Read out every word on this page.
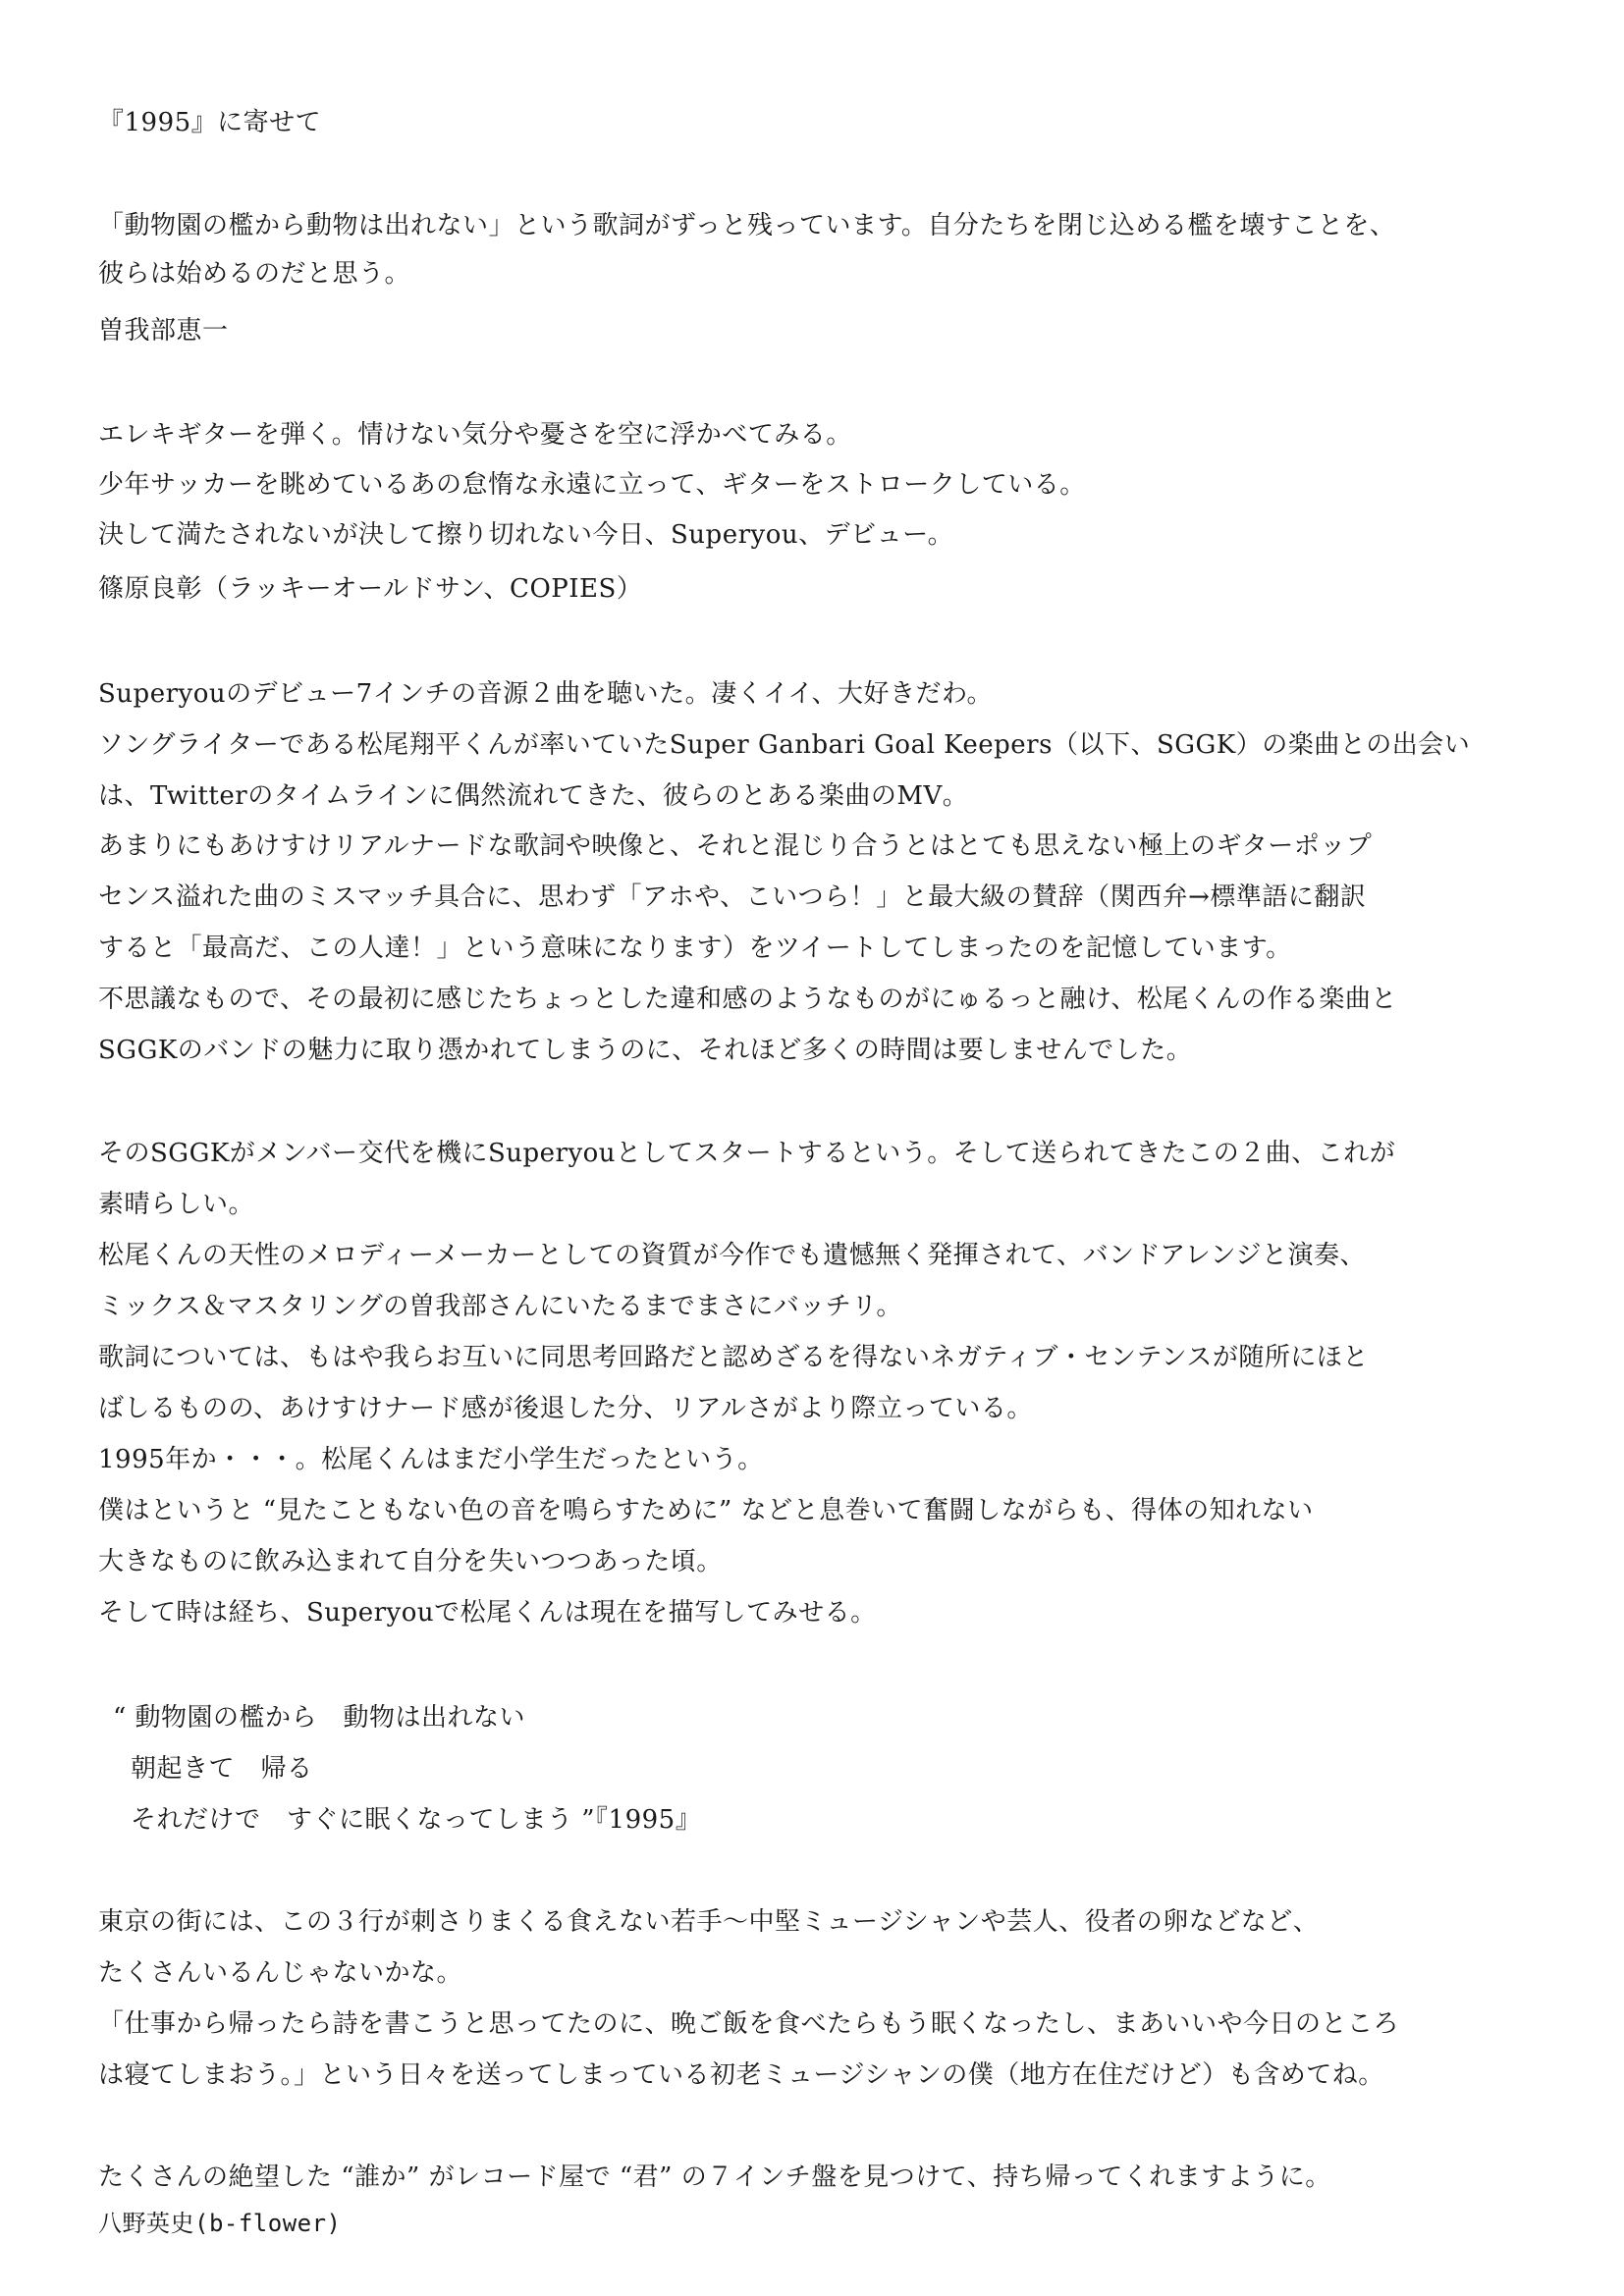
『1995』に寄せて
「動物園の檻から動物は出れない」という歌詞がずっと残っています。自分たちを閉じ込める檻を壊すことを、
彼らは始めるのだと思う。
曽我部恵一
エレキギターを弾く。情けない気分や憂さを空に浮かべてみる。
少年サッカーを眺めているあの怠惰な永遠に立って、ギターをストロークしている。
決して満たされないが決して擦り切れない今日、Superyou、デビュー。
篠原良彰（ラッキーオールドサン、COPIES）
Superyouのデビュー7インチの音源２曲を聴いた。凄くイイ、大好きだわ。
ソングライターである松尾翔平くんが率いていたSuper Ganbari Goal Keepers（以下、SGGK）の楽曲との出会い
は、Twitterのタイムラインに偶然流れてきた、彼らのとある楽曲のMV。
あまりにもあけすけリアルナードな歌詞や映像と、それと混じり合うとはとても思えない極上のギターポップ
センス溢れた曲のミスマッチ具合に、思わず「アホや、こいつら！」と最大級の賛辞（関西弁→標準語に翻訳
すると「最高だ、この人達！」という意味になります）をツイートしてしまったのを記憶しています。
不思議なもので、その最初に感じたちょっとした違和感のようなものがにゅるっと融け、松尾くんの作る楽曲と
SGGKのバンドの魅力に取り憑かれてしまうのに、それほど多くの時間は要しませんでした。
そのSGGKがメンバー交代を機にSuperyouとしてスタートするという。そして送られてきたこの２曲、これが
素晴らしい。
松尾くんの天性のメロディーメーカーとしての資質が今作でも遺憾無く発揮されて、バンドアレンジと演奏、
ミックス＆マスタリングの曽我部さんにいたるまでまさにバッチリ。
歌詞については、もはや我らお互いに同思考回路だと認めざるを得ないネガティブ・センテンスが随所にほと
ばしるものの、あけすけナード感が後退した分、リアルさがより際立っている。
1995年か・・・。松尾くんはまだ小学生だったという。
僕はというと “見たこともない色の音を鳴らすために” などと息巻いて奮闘しながらも、得体の知れない
大きなものに飲み込まれて自分を失いつつあった頃。
そして時は経ち、Superyouで松尾くんは現在を描写してみせる。
“ 動物園の檻から　動物は出れない
朝起きて　帰る
それだけで　すぐに眠くなってしまう ”『1995』
東京の街には、この３行が刺さりまくる食えない若手〜中堅ミュージシャンや芸人、役者の卵などなど、
たくさんいるんじゃないかな。
「仕事から帰ったら詩を書こうと思ってたのに、晩ご飯を食べたらもう眠くなったし、まあいいや今日のところ
は寝てしまおう。」という日々を送ってしまっている初老ミュージシャンの僕（地方在住だけど）も含めてね。
たくさんの絶望した “誰か” がレコード屋で “君” の７インチ盤を見つけて、持ち帰ってくれますように。
八野英史(b-flower)
